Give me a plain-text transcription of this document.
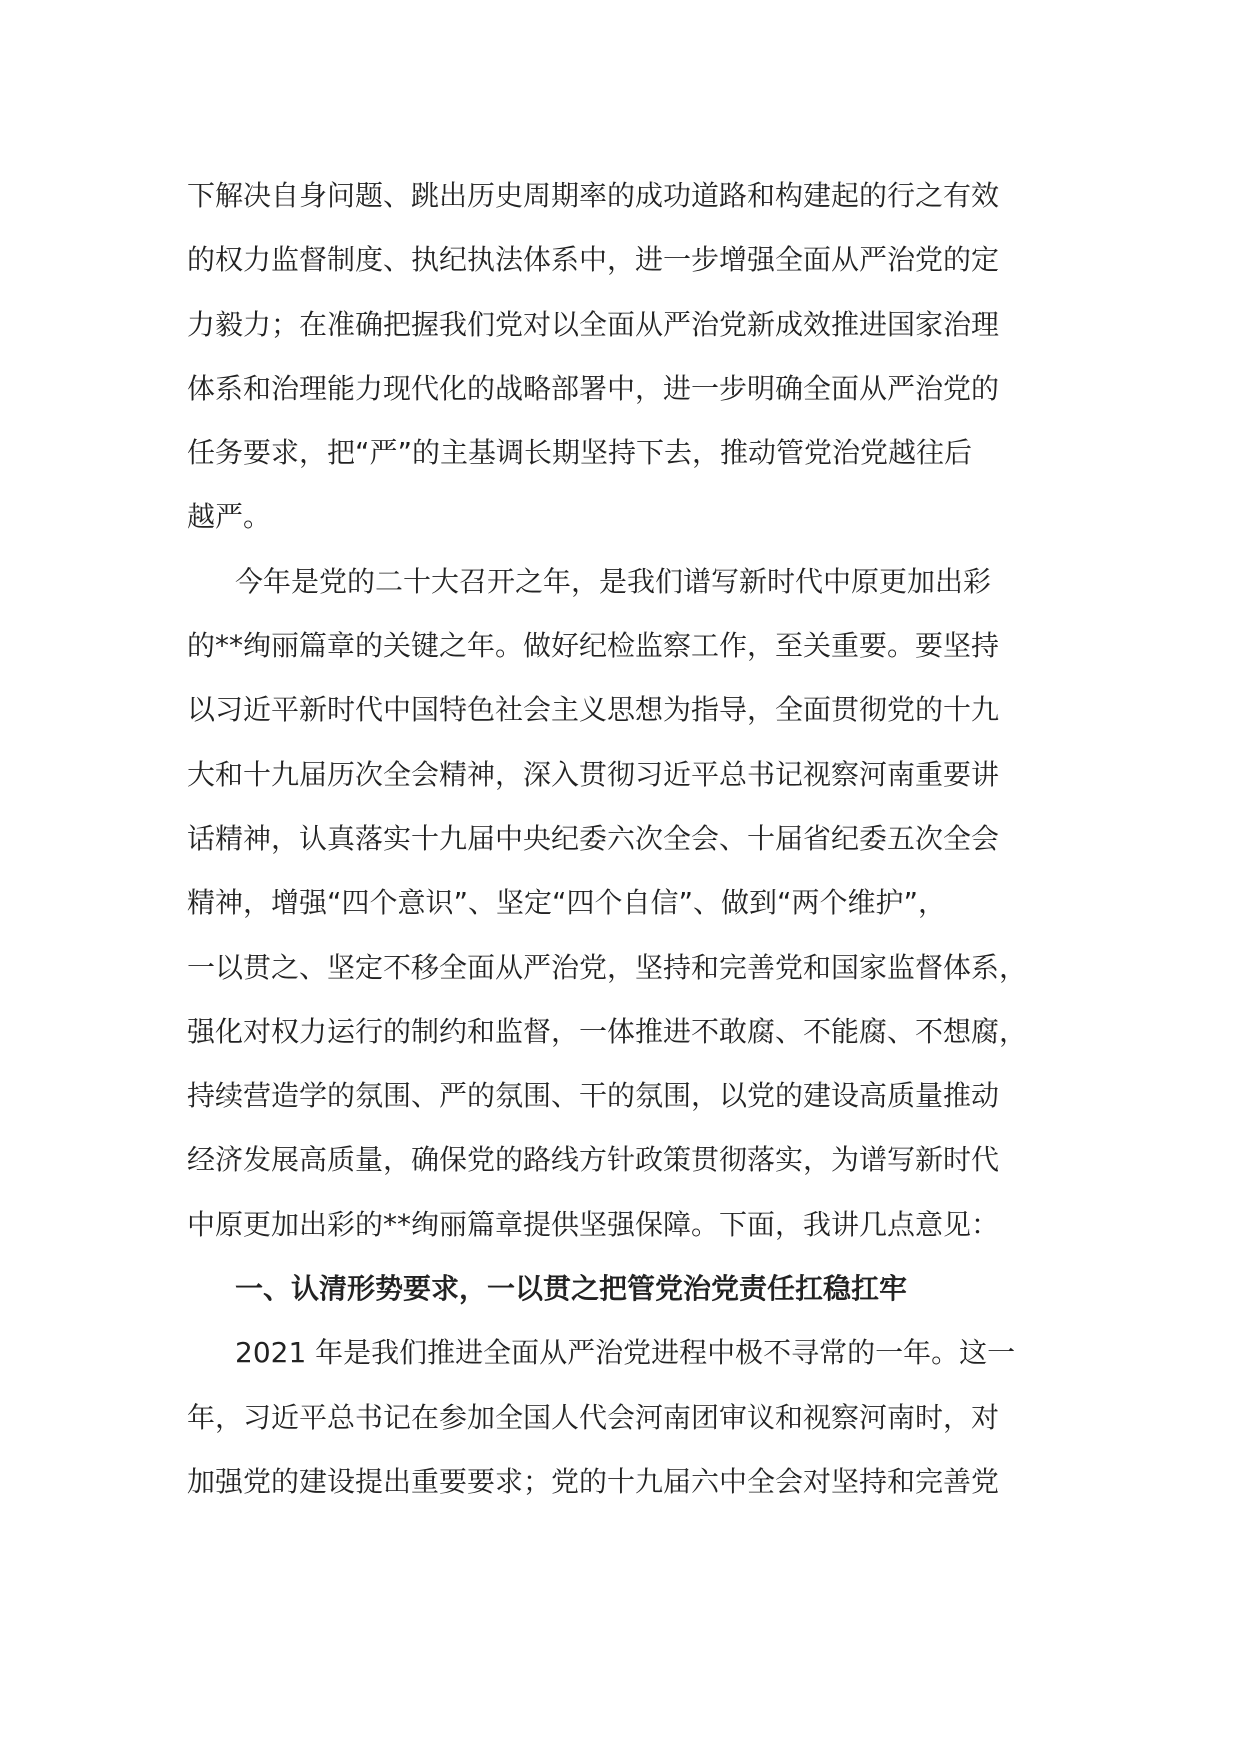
下解决自身问题、跳出历史周期率的成功道路和构建起的行之有效
的权力监督制度、执纪执法体系中，进一步增强全面从严治党的定
力毅力；在准确把握我们党对以全面从严治党新成效推进国家治理
体系和治理能力现代化的战略部署中，进一步明确全面从严治党的
任务要求，把“严”的主基调长期坚持下去，推动管党治党越往后
越严。
今年是党的二十大召开之年，是我们谱写新时代中原更加出彩
的**绚丽篇章的关键之年。做好纪检监察工作，至关重要。要坚持
以习近平新时代中国特色社会主义思想为指导，全面贯彻党的十九
大和十九届历次全会精神，深入贯彻习近平总书记视察河南重要讲
话精神，认真落实十九届中央纪委六次全会、十届省纪委五次全会
精神，增强“四个意识”、坚定“四个自信”、做到“两个维护”，
一以贯之、坚定不移全面从严治党，坚持和完善党和国家监督体系，
强化对权力运行的制约和监督，一体推进不敢腐、不能腐、不想腐，
持续营造学的氛围、严的氛围、干的氛围，以党的建设高质量推动
经济发展高质量，确保党的路线方针政策贯彻落实，为谱写新时代
中原更加出彩的**绚丽篇章提供坚强保障。下面，我讲几点意见：
一、认清形势要求，一以贯之把管党治党责任扛稳扛牢
2021 年是我们推进全面从严治党进程中极不寻常的一年。这一
年，习近平总书记在参加全国人代会河南团审议和视察河南时，对
加强党的建设提出重要要求；党的十九届六中全会对坚持和完善党
